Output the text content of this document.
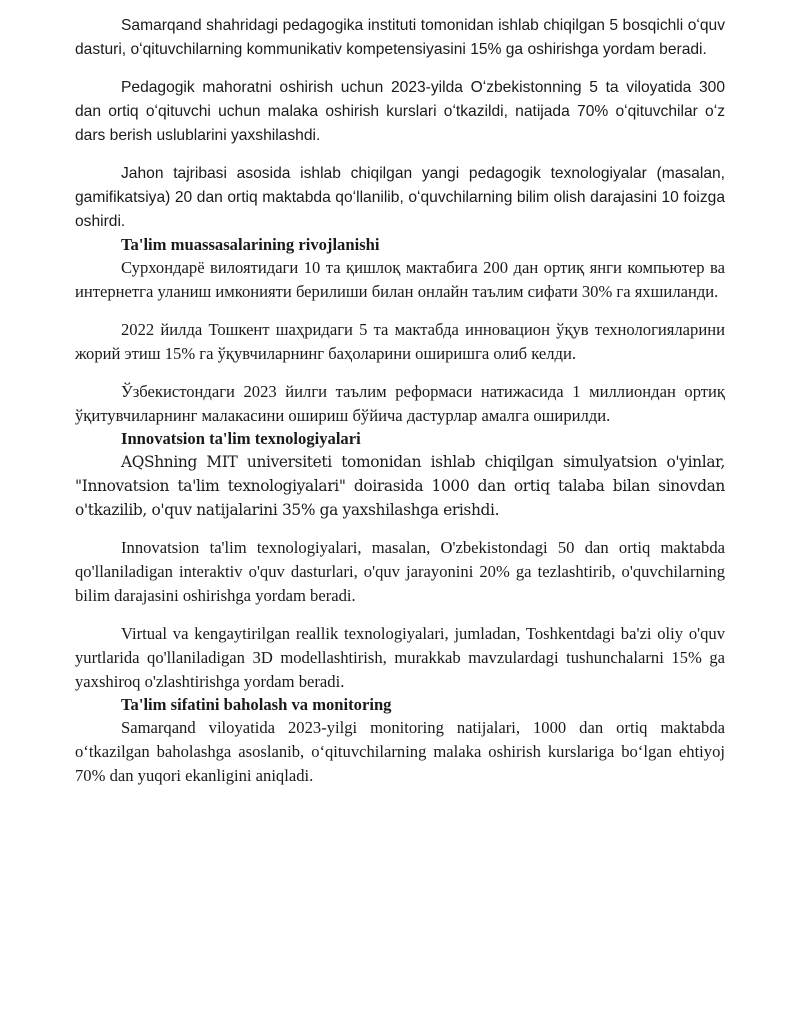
Samarqand shahridagi pedagogika instituti tomonidan ishlab chiqilgan 5 bosqichli oʻquv dasturi, oʻqituvchilarning kommunikativ kompetensiyasini 15% ga oshirishga yordam beradi.

Pedagogik mahoratni oshirish uchun 2023-yilda Oʻzbekistonning 5 ta viloyatida 300 dan ortiq oʻqituvchi uchun malaka oshirish kurslari oʻtkazildi, natijada 70% oʻqituvchilar oʻz dars berish uslublarini yaxshilashdi.

Jahon tajribasi asosida ishlab chiqilgan yangi pedagogik texnologiyalar (masalan, gamifikatsiya) 20 dan ortiq maktabda qoʻllanilib, oʻquvchilarning bilim olish darajasini 10 foizga oshirdi.

Ta'lim muassasalarining rivojlanishi

Сурхондарё вилоятидаги 10 та қишлоқ мактабига 200 дан ортиқ янги компьютер ва интернетга уланиш имконияти берилиши билан онлайн таълим сифати 30% га яхшиланди.

2022 йилда Тошкент шаҳридаги 5 та мактабда инновацион ўқув технологияларини жорий этиш 15% га ўқувчиларнинг баҳоларини оширишга олиб келди.

Ўзбекистондаги 2023 йилги таълим реформаси натижасида 1 миллиондан ортиқ ўқитувчиларнинг малакасини ошириш бўйича дастурлар амалга оширилди.

Innovatsion ta'lim texnologiyalari

AQShning MIT universiteti tomonidan ishlab chiqilgan simulyatsion o'yinlar, "Innovatsion ta'lim texnologiyalari" doirasida 1000 dan ortiq talaba bilan sinovdan o'tkazilib, o'quv natijalarini 35% ga yaxshilashga erishdi.

Innovatsion ta'lim texnologiyalari, masalan, O'zbekistondagi 50 dan ortiq maktabda qo'llaniladigan interaktiv o'quv dasturlari, o'quv jarayonini 20% ga tezlashtirib, o'quvchilarning bilim darajasini oshirishga yordam beradi.

Virtual va kengaytirilgan reallik texnologiyalari, jumladan, Toshkentdagi ba'zi oliy o'quv yurtlarida qo'llaniladigan 3D modellashtirish, murakkab mavzulardagi tushunchalarni 15% ga yaxshiroq o'zlashtirishga yordam beradi.

Ta'lim sifatini baholash va monitoring

Samarqand viloyatida 2023-yilgi monitoring natijalari, 1000 dan ortiq maktabda oʻtkazilgan baholashga asoslanib, oʻqituvchilarning malaka oshirish kurslariga boʻlgan ehtiyoj 70% dan yuqori ekanligini aniqladi.
